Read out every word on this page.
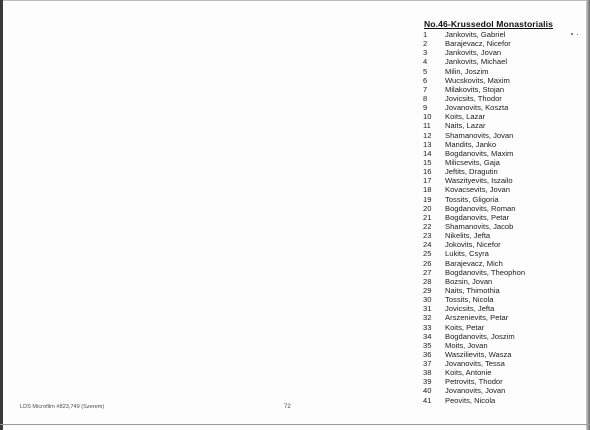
No.46-Krussedol Monastorialis
1	Jankovits, Gabriel
2	Barajevacz, Nicefor
3	Jankovits, Jovan
4	Jankovits, Michael
5	Milin, Joszim
6	Wucskovits, Maxim
7	Milakovits, Stojan
8	Jovicsits, Thodor
9	Jovanovits, Koszta
10	Koits, Lazar
11	Naits, Lazar
12	Shamanovits, Jovan
13	Mandits, Janko
14	Bogdanovits, Maxim
15	Milicsevits, Gaja
16	Jeftits, Dragutin
17	Waszityevits, Iszailo
18	Kovacsevits, Jovan
19	Tossits, Gligoria
20	Bogdanovits, Roman
21	Bogdanovits, Petar
22	Shamanovits, Jacob
23	Nikelits, Jefta
24	Jokovits, Nicefor
25	Lukits, Csyra
26	Barajevacz, Mich
27	Bogdanovits, Theophon
28	Bozsin, Jovan
29	Naits, Thimothia
30	Tossits, Nicola
31	Jovicsits, Jefta
32	Arszenievits, Petar
33	Koits, Petar
34	Bogdanovits, Joszim
35	Moits, Jovan
36	Waszilievits, Wasza
37	Jovanovits, Tessa
38	Koits, Antonie
39	Petrovits, Thodor
40	Jovanovits, Jovan
41	Peovits, Nicola
LDS Microfilm #823,749 (Szerem)	72
